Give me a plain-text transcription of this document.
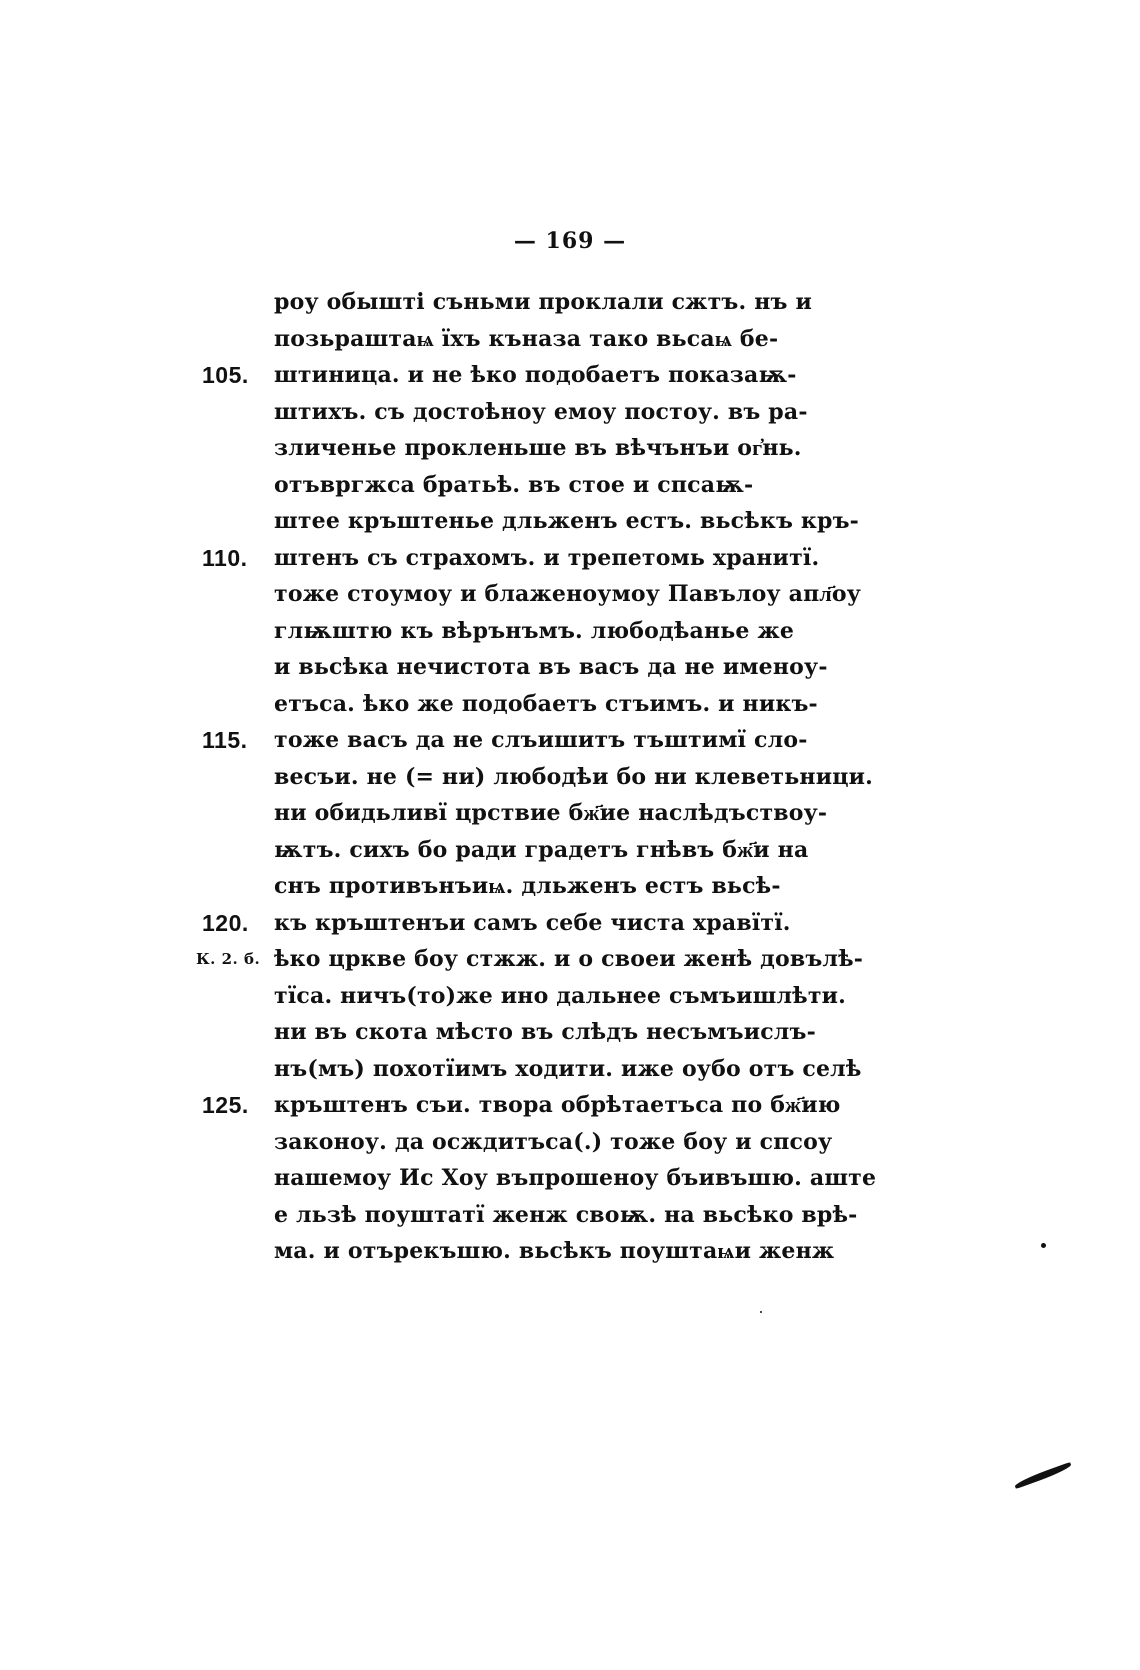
— 169 —
роу обышті съньми проклали сжтъ. нъ и
позьраштаѩ їхъ къназа тако вьсаѩ бе-
105. штиница. и не ѣко подобаетъ показаѭ-
штихъ. съ достоѣноу емоу постоу. въ ра-
зличенье прокленьше въ вѣчънъи ог҆нь.
отъвргжса братьѣ. въ стое и спсаѭ-
штее кръштенье дльженъ естъ. вьсѣкъ кръ-
110. штенъ съ страхомъ. и трепетомь хранитї.
тоже стоумоу и блаженоумоу Павълоу апл҃оу
глѭштю къ вѣрънъмъ. любодѣанье же
и вьсѣка нечистота въ васъ да не именоу-
етъса. ѣко же подобаетъ стъимъ. и никъ-
115. тоже васъ да не слъишитъ тъштимї сло-
весъи. не (= ни) любодѣи бо ни клеветьници.
ни обидьливї црствие бж҃ие наслѣдъствоу-
ѭтъ. сихъ бо ради градетъ гнѣвъ бж҃и на
снъ противънъиѩ. дльженъ естъ вьсѣ-
120. къ кръштенъи самъ себе чиста хравїтї.
К. 2. б. ѣко цркве боу стжж. и о своеи женѣ довълѣ-
тїса. ничъ(то)же ино дальнее съмъишлѣти.
ни въ скота мѣсто въ слѣдъ несъмъислъ-
нъ(мъ) похотїимъ ходити. иже оубо отъ селѣ
125. кръштенъ съи. твора обрѣтаетъса по бж҃ию
законоу. да осждитъса(.) тоже боу и спсоу
нашемоу Ис Хоу въпрошеноу бъивъшю. аште
е льзѣ поуштатї женж своѭ. на вьсѣко врѣ-
ма. и отърекъшю. вьсѣкъ поуштаѩи женж
